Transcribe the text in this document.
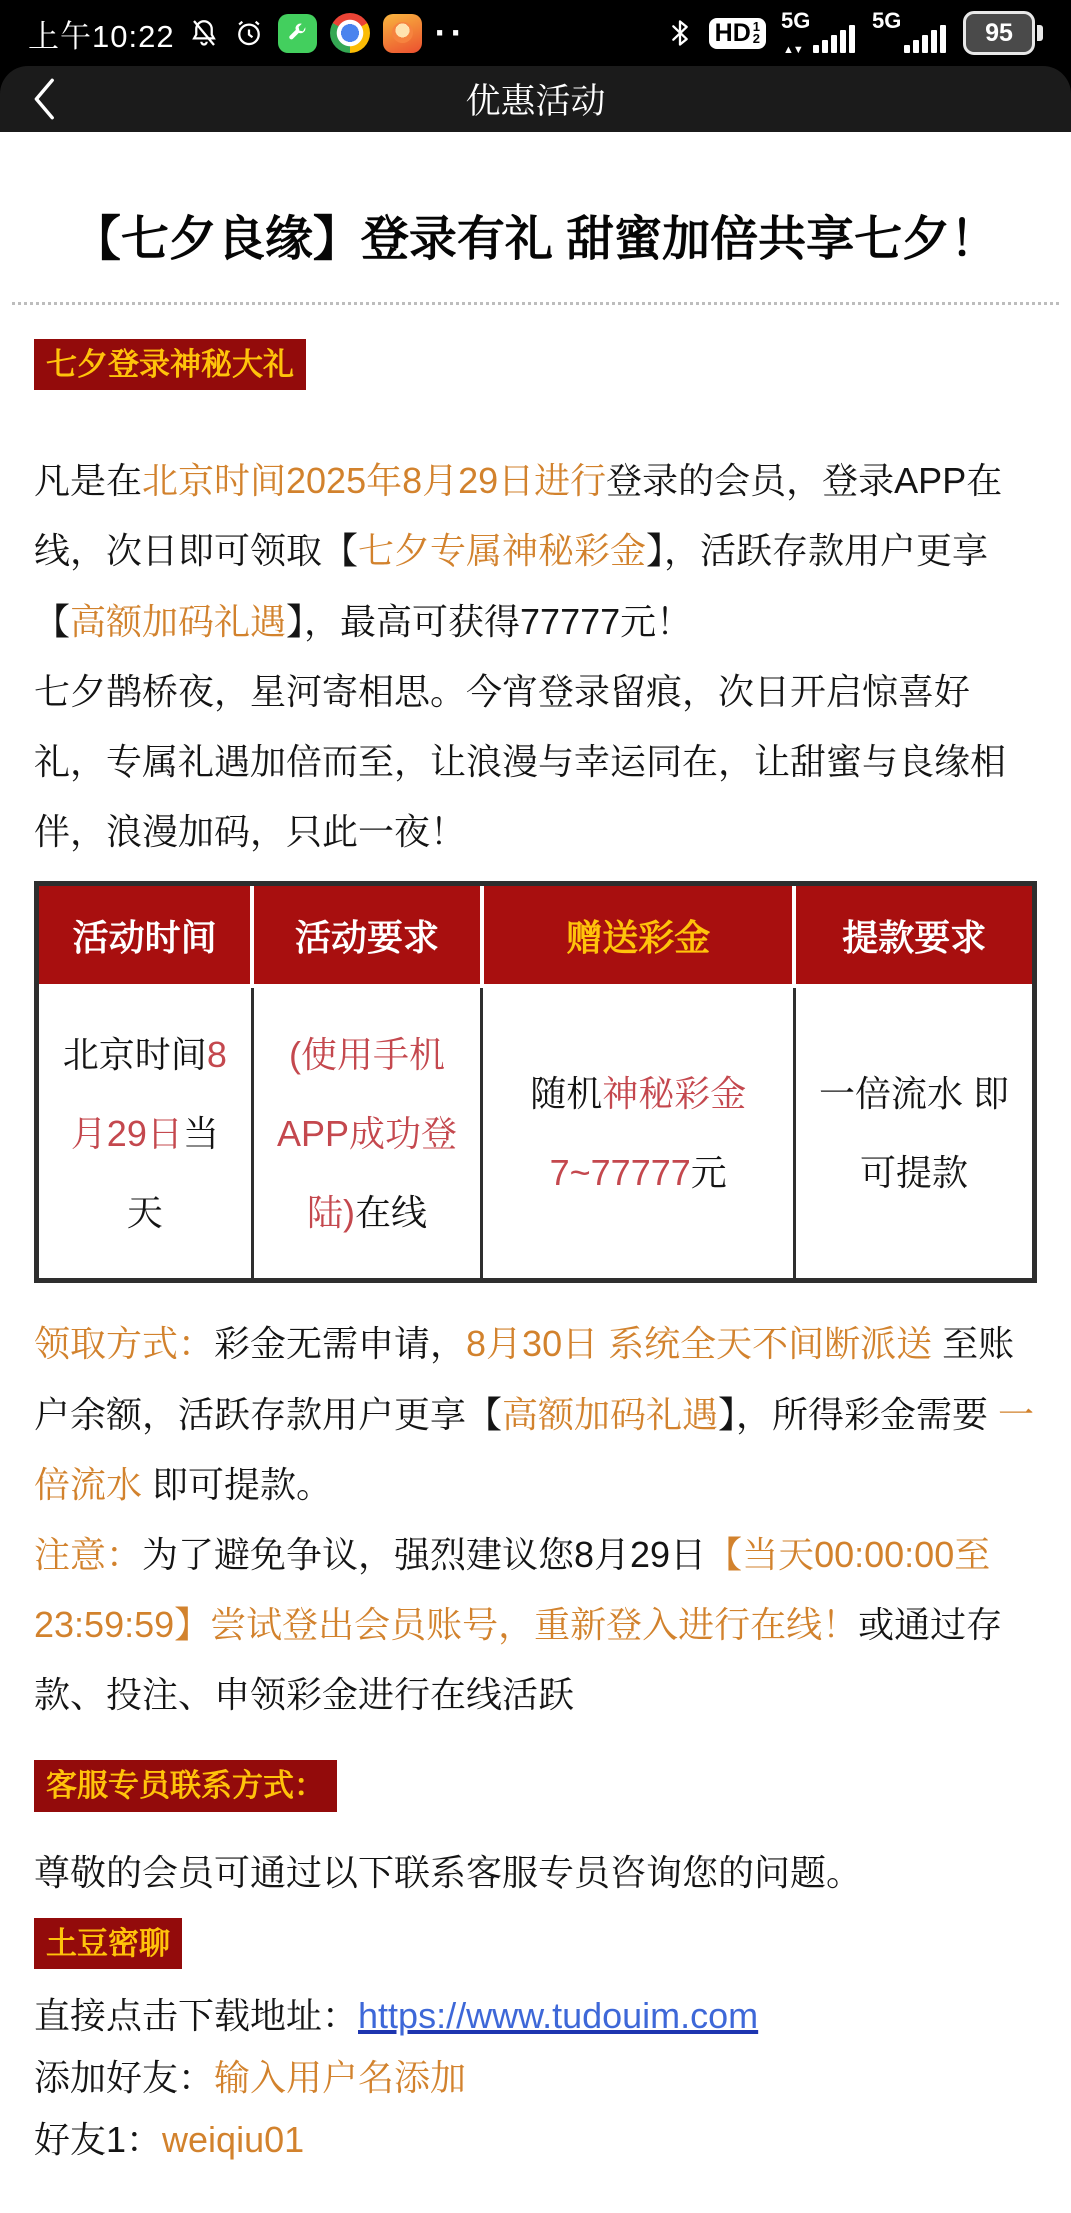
上午10:22	··	HD 1
2
5G
▲▼
5G	95
优惠活动
【七夕良缘】登录有礼 甜蜜加倍共享七夕！
七夕登录神秘大礼

凡是在北京时间2025年8月29日进行登录的会员，登录APP在线，次日即可领取【七夕专属神秘彩金】，活跃存款用户更享【高额加码礼遇】，最高可获得77777元！

七夕鹊桥夜，星河寄相思。今宵登录留痕，次日开启惊喜好礼，专属礼遇加倍而至，让浪漫与幸运同在，让甜蜜与良缘相伴，浪漫加码，只此一夜！

活动时间	活动要求	赠送彩金	提款要求
北京时间8月29日当天	(使用手机APP成功登陆)在线	随机神秘彩金7~77777元	一倍流水 即可提款

领取方式：彩金无需申请，8月30日 系统全天不间断派送 至账户余额，活跃存款用户更享【高额加码礼遇】，所得彩金需要 一倍流水 即可提款。

注意：为了避免争议，强烈建议您8月29日【当天00:00:00至23:59:59】尝试登出会员账号，重新登入进行在线！或通过存款、投注、申领彩金进行在线活跃

客服专员联系方式：

尊敬的会员可通过以下联系客服专员咨询您的问题。

土豆密聊

直接点击下载地址：https://www.tudouim.com

添加好友：输入用户名添加

好友1：weiqiu01
